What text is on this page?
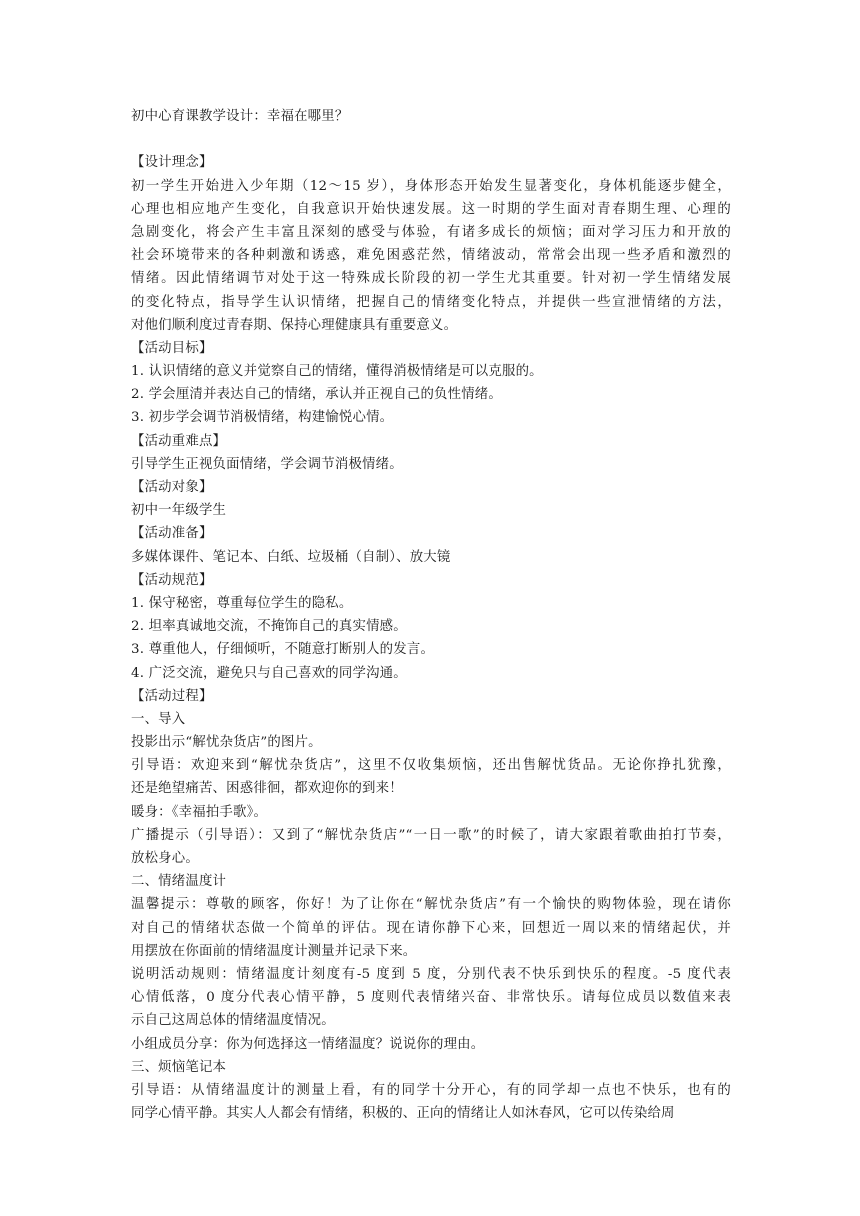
初中心育课教学设计：幸福在哪里？
【设计理念】
初一学生开始进入少年期（12～15 岁），身体形态开始发生显著变化，身体机能逐步健全，
心理也相应地产生变化，自我意识开始快速发展。这一时期的学生面对青春期生理、心理的
急剧变化，将会产生丰富且深刻的感受与体验，有诸多成长的烦恼；面对学习压力和开放的
社会环境带来的各种刺激和诱惑，难免困惑茫然，情绪波动，常常会出现一些矛盾和激烈的
情绪。因此情绪调节对处于这一特殊成长阶段的初一学生尤其重要。针对初一学生情绪发展
的变化特点，指导学生认识情绪，把握自己的情绪变化特点，并提供一些宣泄情绪的方法，
对他们顺利度过青春期、保持心理健康具有重要意义。
【活动目标】
1. 认识情绪的意义并觉察自己的情绪，懂得消极情绪是可以克服的。
2. 学会厘清并表达自己的情绪，承认并正视自己的负性情绪。
3. 初步学会调节消极情绪，构建愉悦心情。
【活动重难点】
引导学生正视负面情绪，学会调节消极情绪。
【活动对象】
初中一年级学生
【活动准备】
多媒体课件、笔记本、白纸、垃圾桶（自制）、放大镜
【活动规范】
1. 保守秘密，尊重每位学生的隐私。
2. 坦率真诚地交流，不掩饰自己的真实情感。
3. 尊重他人，仔细倾听，不随意打断别人的发言。
4. 广泛交流，避免只与自己喜欢的同学沟通。
【活动过程】
一、导入
投影出示“解忧杂货店”的图片。
引导语：欢迎来到“解忧杂货店”，这里不仅收集烦恼，还出售解忧货品。无论你挣扎犹豫，
还是绝望痛苦、困惑徘徊，都欢迎你的到来！
暖身：《幸福拍手歌》。
广播提示（引导语）：又到了“解忧杂货店”“一日一歌”的时候了，请大家跟着歌曲拍打节奏，
放松身心。
二、情绪温度计
温馨提示：尊敬的顾客，你好！为了让你在“解忧杂货店”有一个愉快的购物体验，现在请你
对自己的情绪状态做一个简单的评估。现在请你静下心来，回想近一周以来的情绪起伏，并
用摆放在你面前的情绪温度计测量并记录下来。
说明活动规则：情绪温度计刻度有-5 度到 5 度，分别代表不快乐到快乐的程度。-5 度代表
心情低落，0 度分代表心情平静，5 度则代表情绪兴奋、非常快乐。请每位成员以数值来表
示自己这周总体的情绪温度情况。
小组成员分享：你为何选择这一情绪温度？说说你的理由。
三、烦恼笔记本
引导语：从情绪温度计的测量上看，有的同学十分开心，有的同学却一点也不快乐，也有的
同学心情平静。其实人人都会有情绪，积极的、正向的情绪让人如沐春风，它可以传染给周
